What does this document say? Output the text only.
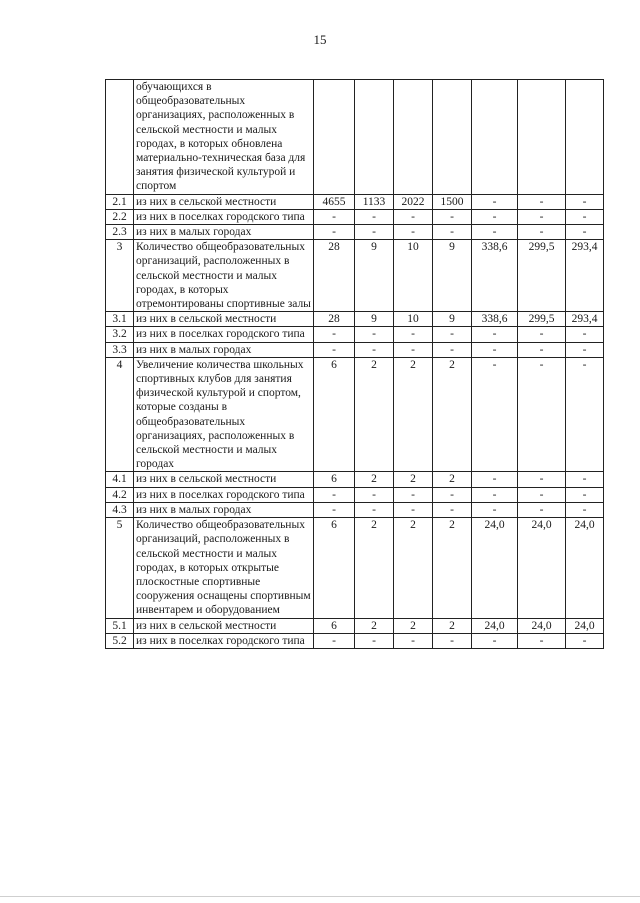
15
	обучающихся в общеобразовательных организациях, расположенных в сельской местности и малых городах, в которых обновлена материально-техническая база для занятия физической культурой и спортом							
2.1	из них в сельской местности	4655	1133	2022	1500	-	-	-
2.2	из них в поселках городского типа	-	-	-	-	-	-	-
2.3	из них в малых городах	-	-	-	-	-	-	-
3	Количество общеобразовательных организаций, расположенных в сельской местности и малых городах, в которых отремонтированы спортивные залы	28	9	10	9	338,6	299,5	293,4
3.1	из них в сельской местности	28	9	10	9	338,6	299,5	293,4
3.2	из них в поселках городского типа	-	-	-	-	-	-	-
3.3	из них в малых городах	-	-	-	-	-	-	-
4	Увеличение количества школьных спортивных клубов для занятия физической культурой и спортом, которые созданы в общеобразовательных организациях, расположенных в сельской местности и малых городах	6	2	2	2	-	-	-
4.1	из них в сельской местности	6	2	2	2	-	-	-
4.2	из них в поселках городского типа	-	-	-	-	-	-	-
4.3	из них в малых городах	-	-	-	-	-	-	-
5	Количество общеобразовательных организаций, расположенных в сельской местности и малых городах, в которых открытые плоскостные спортивные сооружения оснащены спортивным инвентарем и оборудованием	6	2	2	2	24,0	24,0	24,0
5.1	из них в сельской местности	6	2	2	2	24,0	24,0	24,0
5.2	из них в поселках городского типа	-	-	-	-	-	-	-
